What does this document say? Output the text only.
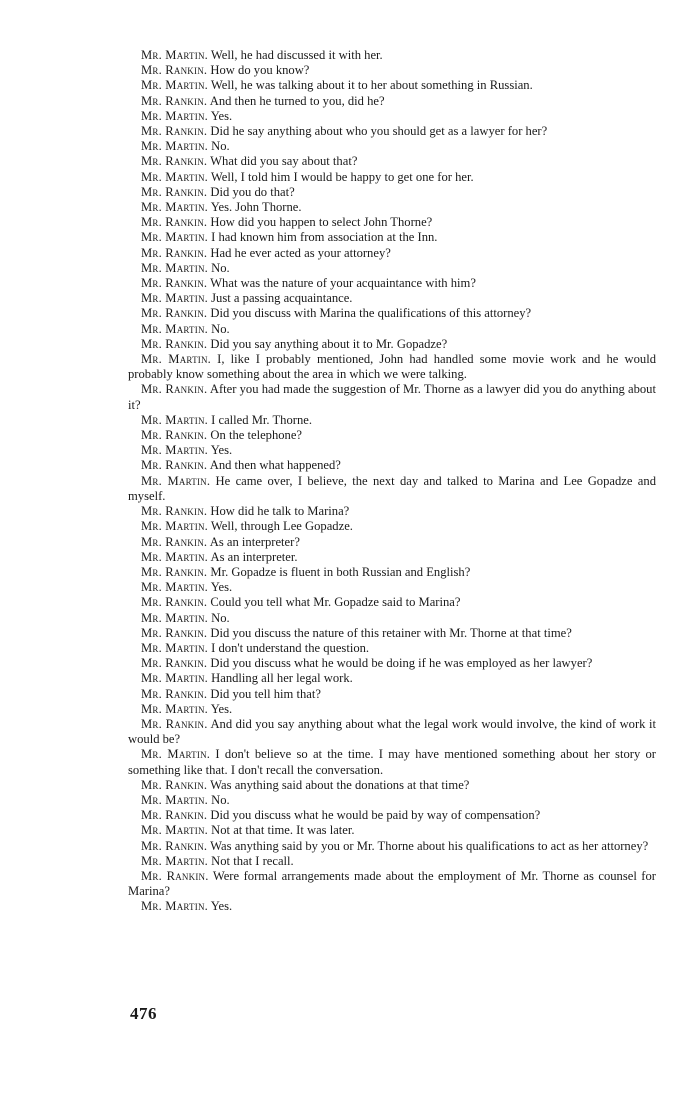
Mr. Martin. Well, he had discussed it with her.

Mr. Rankin. How do you know?

Mr. Martin. Well, he was talking about it to her about something in Russian.

Mr. Rankin. And then he turned to you, did he?

Mr. Martin. Yes.

Mr. Rankin. Did he say anything about who you should get as a lawyer for her?

Mr. Martin. No.

Mr. Rankin. What did you say about that?

Mr. Martin. Well, I told him I would be happy to get one for her.

Mr. Rankin. Did you do that?

Mr. Martin. Yes. John Thorne.

Mr. Rankin. How did you happen to select John Thorne?

Mr. Martin. I had known him from association at the Inn.

Mr. Rankin. Had he ever acted as your attorney?

Mr. Martin. No.

Mr. Rankin. What was the nature of your acquaintance with him?

Mr. Martin. Just a passing acquaintance.

Mr. Rankin. Did you discuss with Marina the qualifications of this attorney?

Mr. Martin. No.

Mr. Rankin. Did you say anything about it to Mr. Gopadze?

Mr. Martin. I, like I probably mentioned, John had handled some movie work and he would probably know something about the area in which we were talking.

Mr. Rankin. After you had made the suggestion of Mr. Thorne as a lawyer did you do anything about it?

Mr. Martin. I called Mr. Thorne.

Mr. Rankin. On the telephone?

Mr. Martin. Yes.

Mr. Rankin. And then what happened?

Mr. Martin. He came over, I believe, the next day and talked to Marina and Lee Gopadze and myself.

Mr. Rankin. How did he talk to Marina?

Mr. Martin. Well, through Lee Gopadze.

Mr. Rankin. As an interpreter?

Mr. Martin. As an interpreter.

Mr. Rankin. Mr. Gopadze is fluent in both Russian and English?

Mr. Martin. Yes.

Mr. Rankin. Could you tell what Mr. Gopadze said to Marina?

Mr. Martin. No.

Mr. Rankin. Did you discuss the nature of this retainer with Mr. Thorne at that time?

Mr. Martin. I don't understand the question.

Mr. Rankin. Did you discuss what he would be doing if he was employed as her lawyer?

Mr. Martin. Handling all her legal work.

Mr. Rankin. Did you tell him that?

Mr. Martin. Yes.

Mr. Rankin. And did you say anything about what the legal work would involve, the kind of work it would be?

Mr. Martin. I don't believe so at the time. I may have mentioned something about her story or something like that. I don't recall the conversation.

Mr. Rankin. Was anything said about the donations at that time?

Mr. Martin. No.

Mr. Rankin. Did you discuss what he would be paid by way of compensation?

Mr. Martin. Not at that time. It was later.

Mr. Rankin. Was anything said by you or Mr. Thorne about his qualifications to act as her attorney?

Mr. Martin. Not that I recall.

Mr. Rankin. Were formal arrangements made about the employment of Mr. Thorne as counsel for Marina?

Mr. Martin. Yes.

476
